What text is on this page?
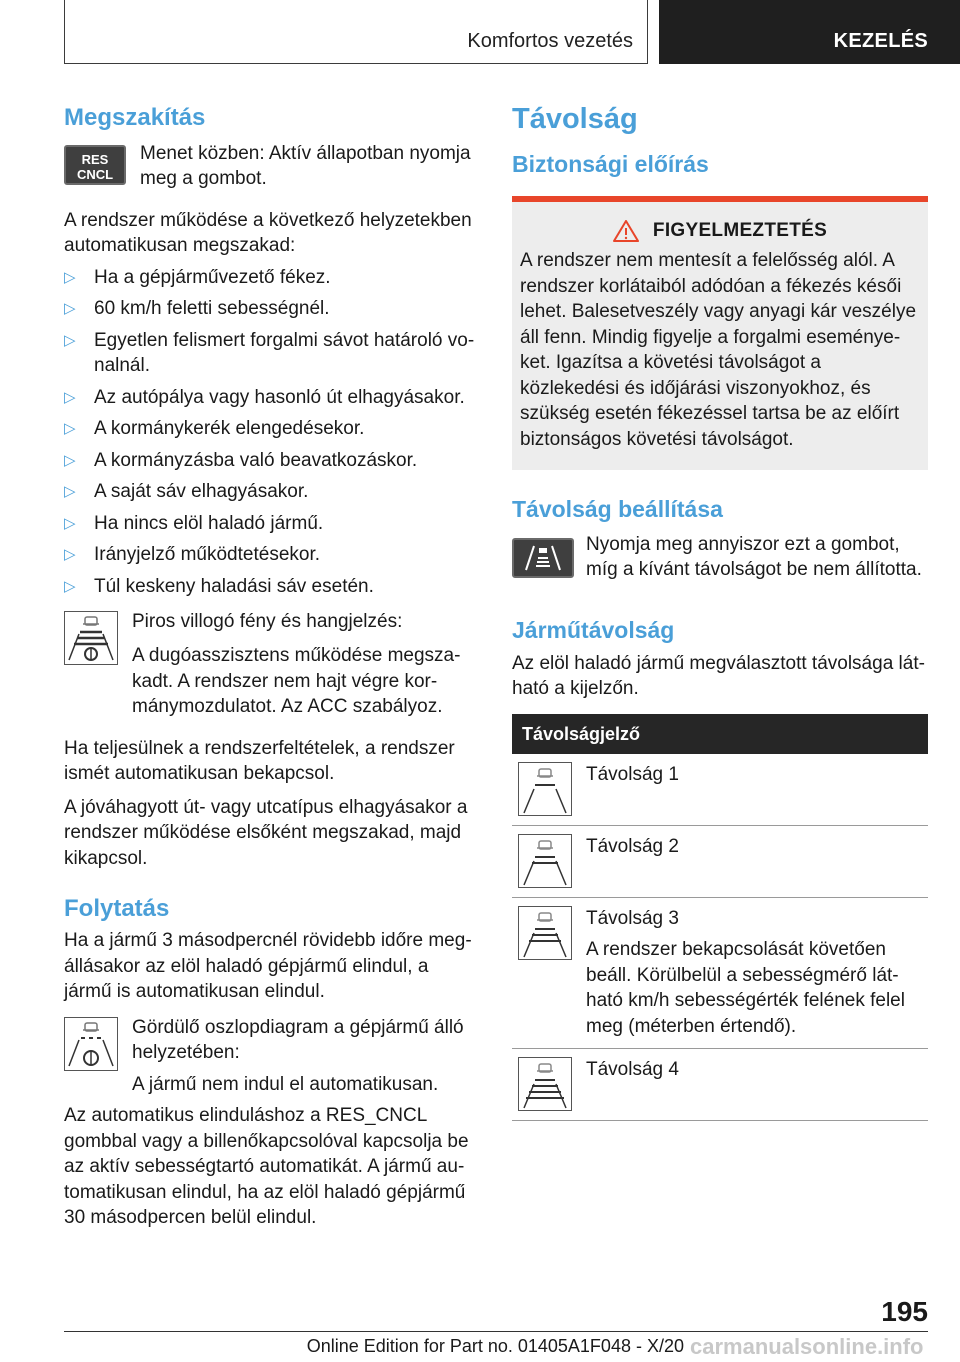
Komfortos vezetés	KEZELÉS
Megszakítás
RES
CNCL

Menet közben: Aktív állapotban nyomja meg a gombot.

A rendszer működése a következő helyzetekben automatikusan megszakad:

▷ Ha a gépjárművezető fékez.
▷ 60 km/h feletti sebességnél.
▷ Egyetlen felismert forgalmi sávot határoló vonalnál.
▷ Az autópálya vagy hasonló út elhagyásakor.
▷ A kormánykerék elengedésekor.
▷ A kormányzásba való beavatkozáskor.
▷ A saját sáv elhagyásakor.
▷ Ha nincs elöl haladó jármű.
▷ Irányjelző működtetésekor.
▷ Túl keskeny haladási sáv esetén.

Piros villogó fény és hangjelzés:

A dugóasszisztens működése megszakadt. A rendszer nem hajt végre kormánymozdulatot. Az ACC szabályoz.

Ha teljesülnek a rendszerfeltételek, a rendszer ismét automatikusan bekapcsol.

A jóváhagyott út- vagy utcatípus elhagyásakor a rendszer működése elsőként megszakad, majd kikapcsol.

Folytatás

Ha a jármű 3 másodpercnél rövidebb időre megállásakor az elöl haladó gépjármű elindul, a jármű is automatikusan elindul.

Gördülő oszlopdiagram a gépjármű álló helyzetében:

A jármű nem indul el automatikusan.

Az automatikus elinduláshoz a RES_CNCL gombbal vagy a billenőkapcsolóval kapcsolja be az aktív sebességtartó automatikát. A jármű automatikusan elindul, ha az elöl haladó gépjármű 30 másodpercen belül elindul.

Távolság
Biztonsági előírás
FIGYELMEZTETÉS

A rendszer nem mentesít a felelősség alól. A rendszer korlátaiból adódóan a fékezés késői lehet. Balesetveszély vagy anyagi kár veszélye áll fenn. Mindig figyelje a forgalmi eseményeket. Igazítsa a követési távolságot a közlekedési és időjárási viszonyokhoz, és szükség esetén fékezéssel tartsa be az előírt biztonságos követési távolságot.

Távolság beállítása

Nyomja meg annyiszor ezt a gombot, míg a kívánt távolságot be nem állította.

Járműtávolság

Az elöl haladó jármű megválasztott távolsága látható a kijelzőn.

Távolságjelző

Távolság 1

Távolság 2

Távolság 3

A rendszer bekapcsolását követően beáll. Körülbelül a sebességmérő látható km/h sebességérték felének felel meg (méterben értendő).

Távolság 4

195
Online Edition for Part no. 01405A1F048 - X/20 carmanualsonline.info
